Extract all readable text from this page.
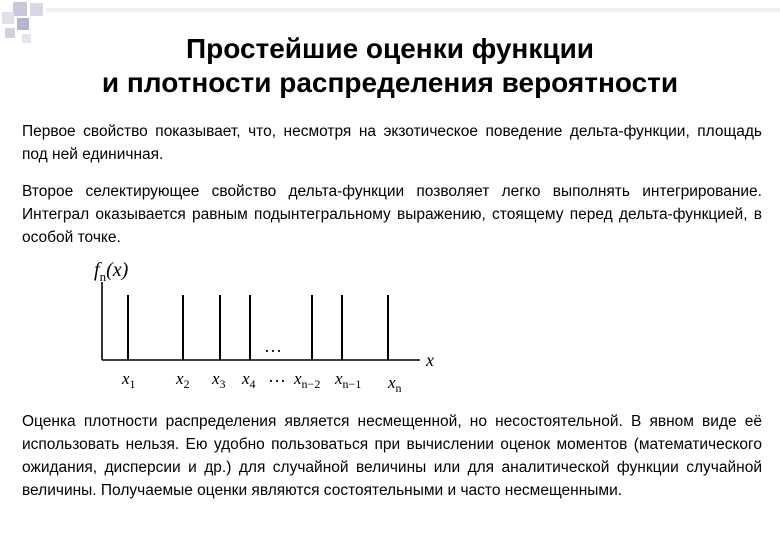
Простейшие оценки функции
и плотности распределения вероятности
Первое свойство показывает, что, несмотря на экзотическое поведение дельта-функции, площадь под ней единичная.
Второе селектирующее свойство дельта-функции позволяет легко выполнять интегрирование. Интеграл оказывается равным подынтегральному выражению, стоящему перед дельта-функцией, в особой точке.
$f_n(x)$
x
…
$x_1$ $x_2$ $x_3$ $x_4$ … $x_{n-2}$ $x_{n-1}$ $x_n$
Оценка плотности распределения является несмещенной, но несостоятельной. В явном виде её использовать нельзя. Ею удобно пользоваться при вычислении оценок моментов (математического ожидания, дисперсии и др.) для случайной величины или для аналитической функции случайной величины. Получаемые оценки являются состоятельными и часто несмещенными.
